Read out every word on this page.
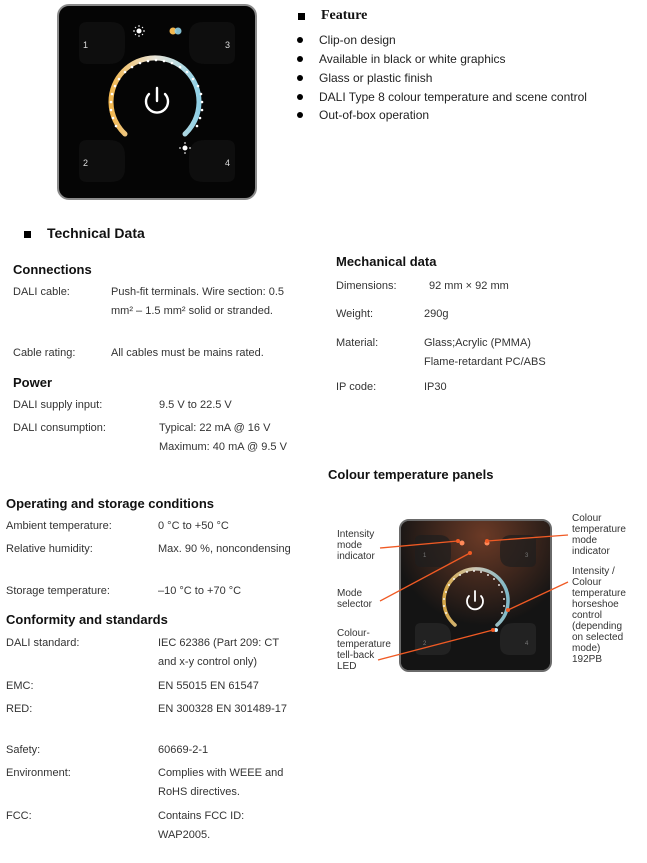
1
2
3
4
Feature
Clip-on design
Available in black or white graphics
Glass or plastic finish
DALI Type 8 colour temperature and scene control
Out-of-box operation
Technical Data
Connections
DALI cable:	Push-fit terminals. Wire section: 0.5
mm² – 1.5 mm² solid or stranded.
Cable rating:	All cables must be mains rated.
Power
DALI supply input:	9.5 V to 22.5 V
DALI consumption:	Typical: 22 mA @ 16 V
Maximum: 40 mA @ 9.5 V
Operating and storage conditions
Ambient temperature:	0 °C to +50 °C
Relative humidity:	Max. 90 %, noncondensing
Storage temperature:	–10 °C to +70 °C
Conformity and standards
DALI standard:	IEC 62386 (Part 209: CT
and x-y control only)
EMC:	EN 55015 EN 61547
RED:	EN 300328 EN 301489-17
Safety:	60669-2-1
Environment:	Complies with WEEE and
RoHS directives.
FCC:	Contains FCC ID:
WAP2005.
Mechanical data
Dimensions:	92 mm × 92 mm
Weight:	290g
Material:	Glass;Acrylic (PMMA)
Flame-retardant PC/ABS
IP code:	IP30
Colour temperature panels
1
2
3
4
Intensity
mode
indicator
Mode
selector
Colour-
temperature
tell-back
LED
Colour
temperature
mode
indicator
Intensity /
Colour
temperature
horseshoe
control
(depending
on selected
mode)
192PB
